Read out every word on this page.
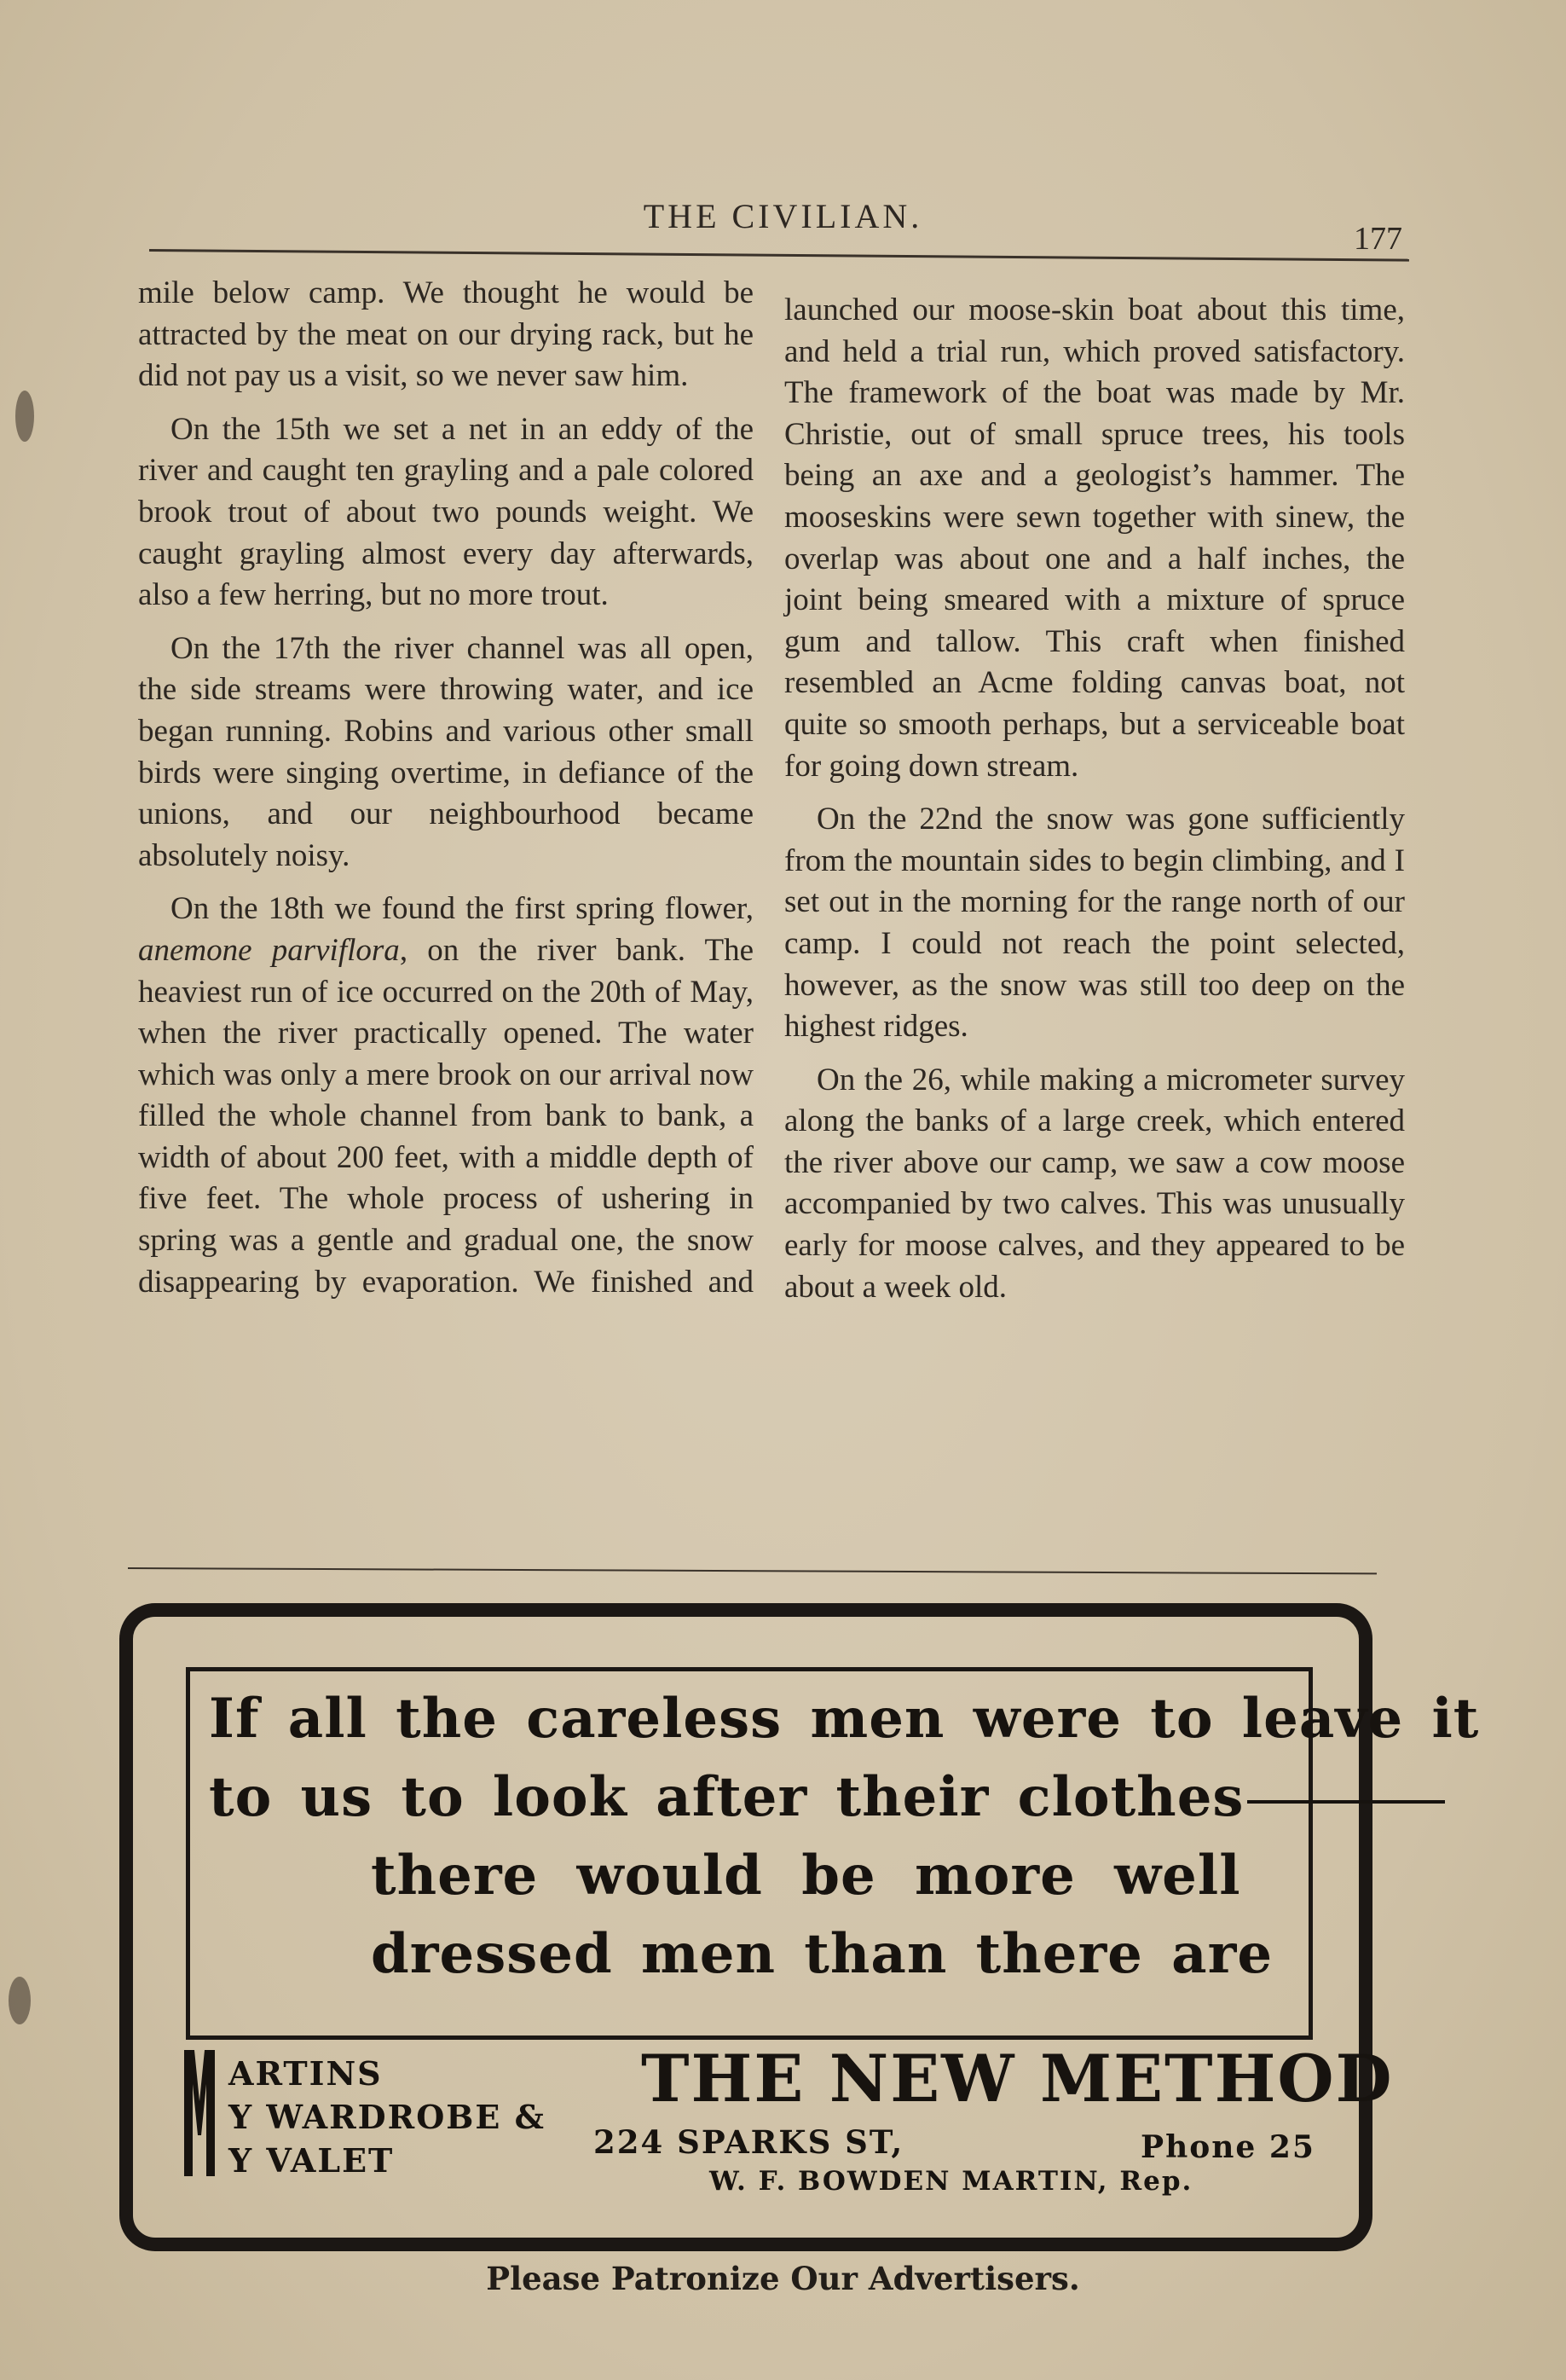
THE CIVILIAN.
177

mile below camp. We thought he would be attracted by the meat on our drying rack, but he did not pay us a visit, so we never saw him.

On the 15th we set a net in an eddy of the river and caught ten grayling and a pale colored brook trout of about two pounds weight. We caught grayling almost every day afterwards, also a few herring, but no more trout.

On the 17th the river channel was all open, the side streams were throwing water, and ice began running. Robins and various other small birds were singing overtime, in defiance of the unions, and our neighbourhood became absolutely noisy.

On the 18th we found the first spring flower, anemone parviflora, on the river bank. The heaviest run of ice occurred on the 20th of May, when the river practically opened. The water which was only a mere brook on our arrival now filled the whole channel from bank to bank, a width of about 200 feet, with a middle depth of five feet. The whole process of ushering in spring was a gentle and gradual one, the snow disappearing by evaporation. We finished and

launched our moose-skin boat about this time, and held a trial run, which proved satisfactory. The framework of the boat was made by Mr. Christie, out of small spruce trees, his tools being an axe and a geologist’s hammer. The mooseskins were sewn together with sinew, the overlap was about one and a half inches, the joint being smeared with a mixture of spruce gum and tallow. This craft when finished resembled an Acme folding canvas boat, not quite so smooth perhaps, but a serviceable boat for going down stream.

On the 22nd the snow was gone sufficiently from the mountain sides to begin climbing, and I set out in the morning for the range north of our camp. I could not reach the point selected, however, as the snow was still too deep on the highest ridges.

On the 26, while making a micrometer survey along the banks of a large creek, which entered the river above our camp, we saw a cow moose accompanied by two calves. This was unusually early for moose calves, and they appeared to be about a week old.

If all the careless men were to leave it
to us to look after their clothes
there would be more well
dressed men than there are
ARTINS
Y WARDROBE &
Y VALET
THE NEW METHOD
224 SPARKS ST,	Phone 25
W. F. BOWDEN MARTIN, Rep.
Please Patronize Our Advertisers.
